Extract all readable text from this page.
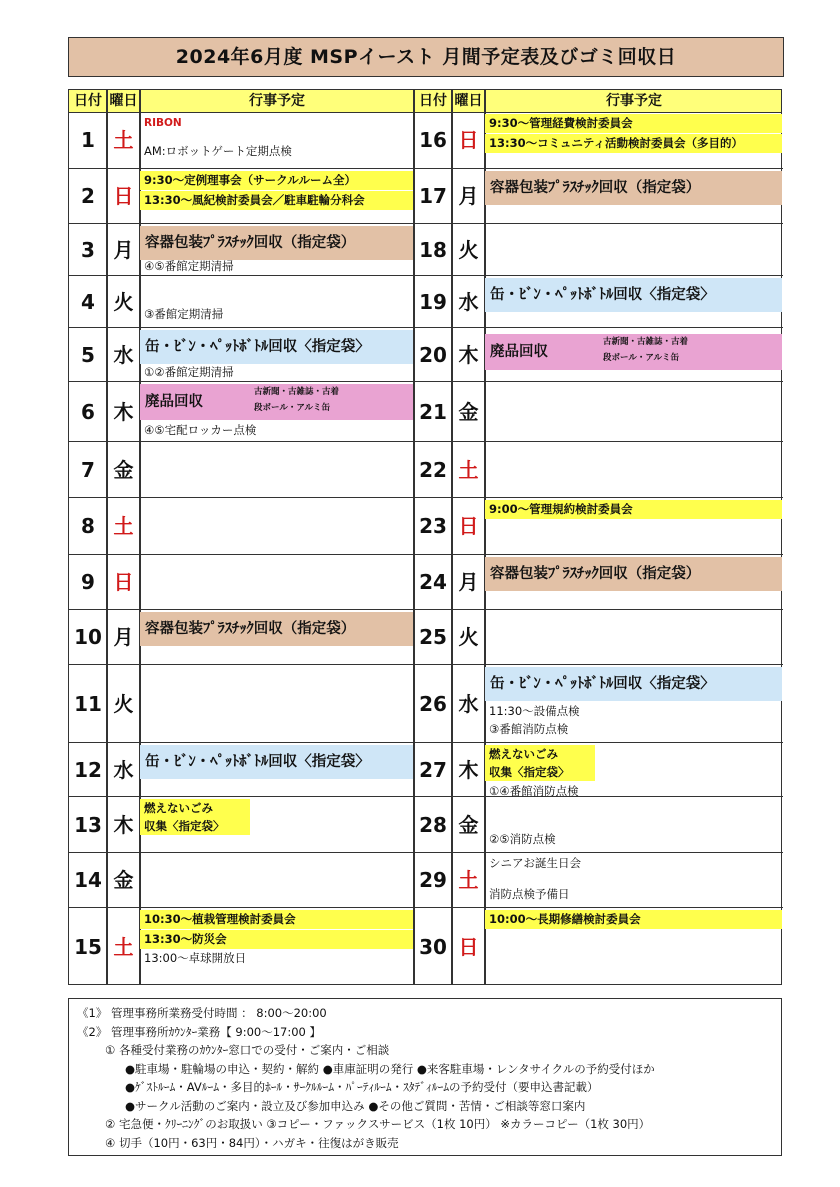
2024年6月度 MSPイースト 月間予定表及びゴミ回収日
日付 曜日	行事予定	日付 曜日	行事予定
1 土
RIBON
AM:ロボットゲート定期点検
2 日
9:30～定例理事会（サークルルーム全）
13:30～風紀検討委員会／駐車駐輪分科会
3 月 容器包装ﾌﾟﾗｽﾁｯｸ回収（指定袋）
④⑤番館定期清掃
4 火 ③番館定期清掃
5 水 缶・ﾋﾞﾝ・ﾍﾟｯﾄﾎﾞﾄﾙ回収〈指定袋〉
①②番館定期清掃
6 木 廃品回収
古新聞・古雑誌・古着
段ボール・アルミ缶
④⑤宅配ロッカー点検
7 金
8 土
9 日
10 月 容器包装ﾌﾟﾗｽﾁｯｸ回収（指定袋）
11 火
12 水 缶・ﾋﾞﾝ・ﾍﾟｯﾄﾎﾞﾄﾙ回収〈指定袋〉
13 木
燃えないごみ
収集〈指定袋〉
14 金
15 土
10:30～植栽管理検討委員会
13:30～防災会
13:00～卓球開放日
16 日
9:30～管理経費検討委員会
13:30～コミュニティ活動検討委員会（多目的）
17 月 容器包装ﾌﾟﾗｽﾁｯｸ回収（指定袋）
18 火
19 水 缶・ﾋﾞﾝ・ﾍﾟｯﾄﾎﾞﾄﾙ回収〈指定袋〉
20 木 廃品回収
古新聞・古雑誌・古着
段ボール・アルミ缶
21 金
22 土
23 日
9:00～管理規約検討委員会
24 月 容器包装ﾌﾟﾗｽﾁｯｸ回収（指定袋）
25 火
26 水
缶・ﾋﾞﾝ・ﾍﾟｯﾄﾎﾞﾄﾙ回収〈指定袋〉
11:30～設備点検
③番館消防点検
27 木
燃えないごみ
収集〈指定袋〉
①④番館消防点検
28 金
②⑤消防点検
29 土
シニアお誕生日会
消防点検予備日
30 日
10:00～長期修繕検討委員会
《1》 管理事務所業務受付時間 ： 8:00～20:00
《2》 管理事務所ｶｳﾝﾀｰ業務【 9:00～17:00 】
① 各種受付業務のｶｳﾝﾀｰ窓口での受付・ご案内・ご相談
●駐車場・駐輪場の申込・契約・解約 ●車庫証明の発行 ●来客駐車場・レンタサイクルの予約受付ほか
●ｹﾞｽﾄﾙｰﾑ・AVﾙｰﾑ・多目的ﾎｰﾙ・ｻｰｸﾙﾙｰﾑ・ﾊﾟｰﾃｨﾙｰﾑ・ｽﾀﾃﾞｨﾙｰﾑの予約受付（要申込書記載）
●サークル活動のご案内・設立及び参加申込み ●その他ご質問・苦情・ご相談等窓口案内
② 宅急便・ｸﾘｰﾆﾝｸﾞのお取扱い ③コピー・ファックスサービス（1枚 10円） ※カラーコピー（1枚 30円）
④ 切手（10円・63円・84円）・ハガキ・往復はがき販売
